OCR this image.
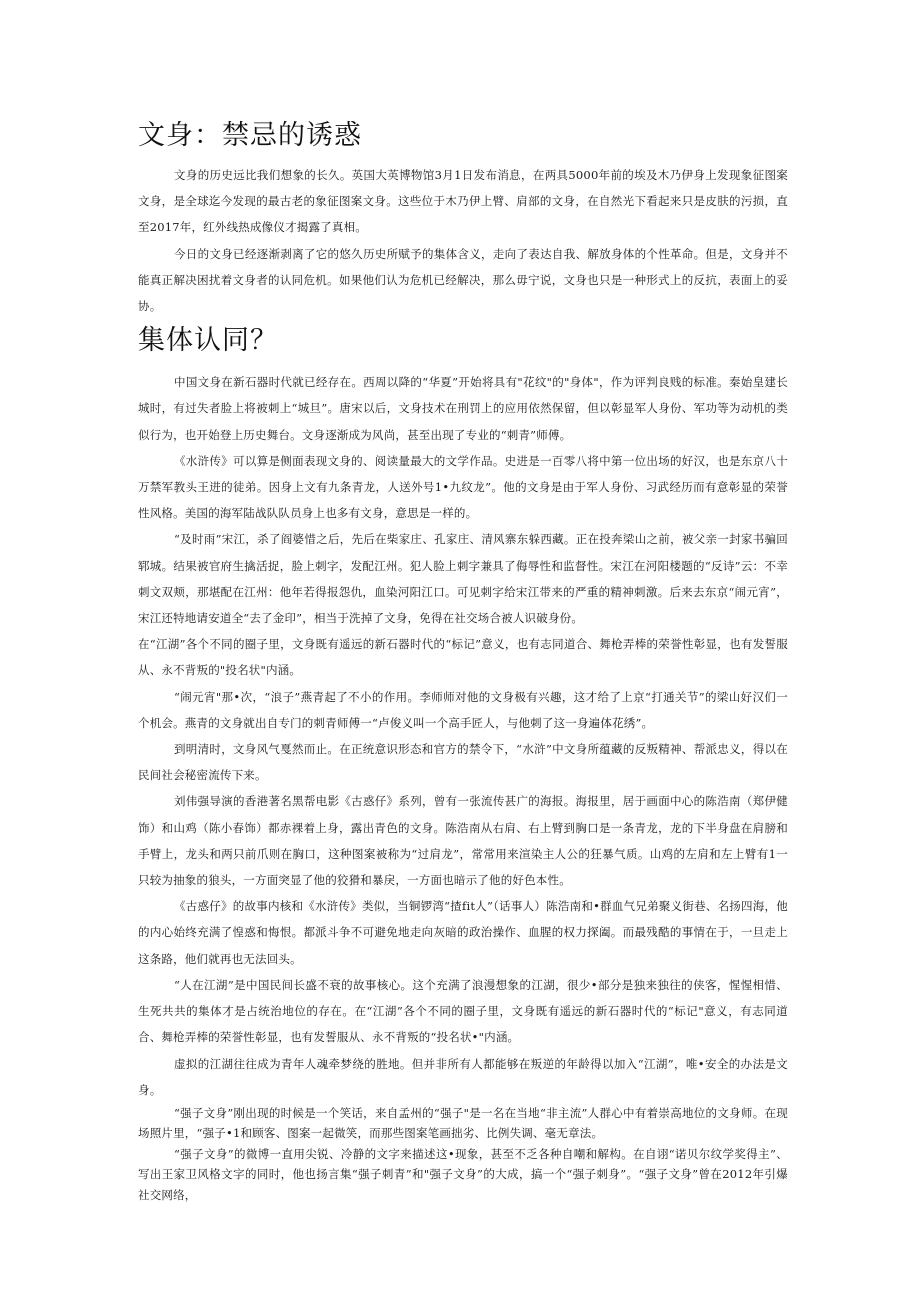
文身：禁忌的诱惑

文身的历史远比我们想象的长久。英国大英博物馆3月1日发布消息，在两具5000年前的埃及木乃伊身上发现象征图案文身，是全球迄今发现的最古老的象征图案文身。这些位于木乃伊上臂、肩部的文身，在自然光下看起来只是皮肤的污损，直至2017年，红外线热成像仪才揭露了真相。

今日的文身已经逐渐剥离了它的悠久历史所赋予的集体含义，走向了表达自我、解放身体的个性革命。但是，文身并不能真正解决困扰着文身者的认同危机。如果他们认为危机已经解决，那么毋宁说，文身也只是一种形式上的反抗，表面上的妥协。

集体认同？

中国文身在新石器时代就已经存在。西周以降的“华夏”开始将具有"花纹"的"身体"，作为评判良贱的标准。秦始皇建长城时，有过失者脸上将被刺上“城旦”。唐宋以后，文身技术在刑罚上的应用依然保留，但以彰显军人身份、军功等为动机的类似行为，也开始登上历史舞台。文身逐渐成为风尚，甚至出现了专业的“刺青”师傅。

《水浒传》可以算是侧面表现文身的、阅读量最大的文学作品。史进是一百零八将中第一位出场的好汉，也是东京八十万禁军教头王进的徒弟。因身上文有九条青龙，人送外号1•九纹龙”。他的文身是由于军人身份、习武经历而有意彰显的荣誉性风格。美国的海军陆战队队员身上也多有文身，意思是一样的。

“及时雨”宋江，杀了阎婆惜之后，先后在柴家庄、孔家庄、清风寨东躲西藏。正在投奔梁山之前，被父亲一封家书骗回郓城。结果被官府生擒活捉，脸上刺字，发配江州。犯人脸上刺字兼具了侮辱性和监督性。宋江在河阳楼题的“反诗”云：不幸刺文双颊，那堪配在江州：他年若得报怨仇，血染河阳江口。可见刺字给宋江带来的严重的精神刺激。后来去东京“闹元宵”，宋江还特地请安道全“去了金印”，相当于洗掉了文身，免得在社交场合被人识破身份。

在“江湖”各个不同的圈子里，文身既有遥远的新石器时代的“标记”意义，也有志同道合、舞枪弄棒的荣誉性彰显，也有发誓服从、永不背叛的"投名状"内涵。

“闹元宵"那•次，“浪子”燕青起了不小的作用。李师师对他的文身极有兴趣，这才给了上京“打通关节”的梁山好汉们一个机会。燕青的文身就出自专门的刺青师傅一“卢俊义叫一个高手匠人，与他刺了这一身遍体花绣”。

到明清时，文身风气戛然而止。在正统意识形态和官方的禁令下，“水浒”中文身所蕴藏的反叛精神、帮派忠义，得以在民间社会秘密流传下来。

刘伟强导演的香港著名黑帮电影《古惑仔》系列，曾有一张流传甚广的海报。海报里，居于画面中心的陈浩南（郑伊健饰）和山鸡（陈小春饰）都赤裸着上身，露出青色的文身。陈浩南从右肩、右上臂到胸口是一条青龙，龙的下半身盘在肩膀和手臂上，龙头和两只前爪则在胸口，这种图案被称为“过肩龙”，常常用来渲染主人公的狂暴气质。山鸡的左肩和左上臂有1一只较为抽象的狼头，一方面突显了他的狡猾和暴戾，一方面也暗示了他的好色本性。

《古惑仔》的故事内核和《水浒传》类似，当铜锣湾“揸fit人”（话事人）陈浩南和•群血气兄弟聚义街巷、名扬四海，他的内心始终充满了惶惑和悔恨。都派斗争不可避免地走向灰暗的政治操作、血腥的权力探阖。而最残酷的事情在于，一旦走上这条路，他们就再也无法回头。

“人在江湖”是中国民间长盛不衰的故事核心。这个充满了浪漫想象的江湖，很少•部分是独来独往的侠客，惺惺相惜、生死共共的集体才是占统治地位的存在。在“江湖”各个不同的圈子里，文身既有遥远的新石器时代的“标记"意义，有志同道合、舞枪弄棒的荣誉性彰显，也有发誓服从、永不背叛的“投名状•"内涵。

虚拟的江湖往往成为青年人魂牵梦绕的胜地。但并非所有人都能够在叛逆的年龄得以加入“江湖”，唯•安全的办法是文身。

“强子文身”刚出现的时候是一个笑话，来自孟州的“强子"是一名在当地“非主流”人群心中有着崇高地位的文身师。在现场照片里，“强子•1和顾客、图案一起微笑，而那些图案笔画拙劣、比例失调、毫无章法。

“强子文身”的微博一直用尖锐、冷静的文字来描述这•现象，甚至不乏各种自嘲和解构。在自诩“诺贝尔纹学奖得主”、写出王家卫风格文字的同时，他也扬言集“强子刺青”和"强子文身”的大成，搞一个“强子刺身”。“强子文身”曾在2012年引爆社交网络，
